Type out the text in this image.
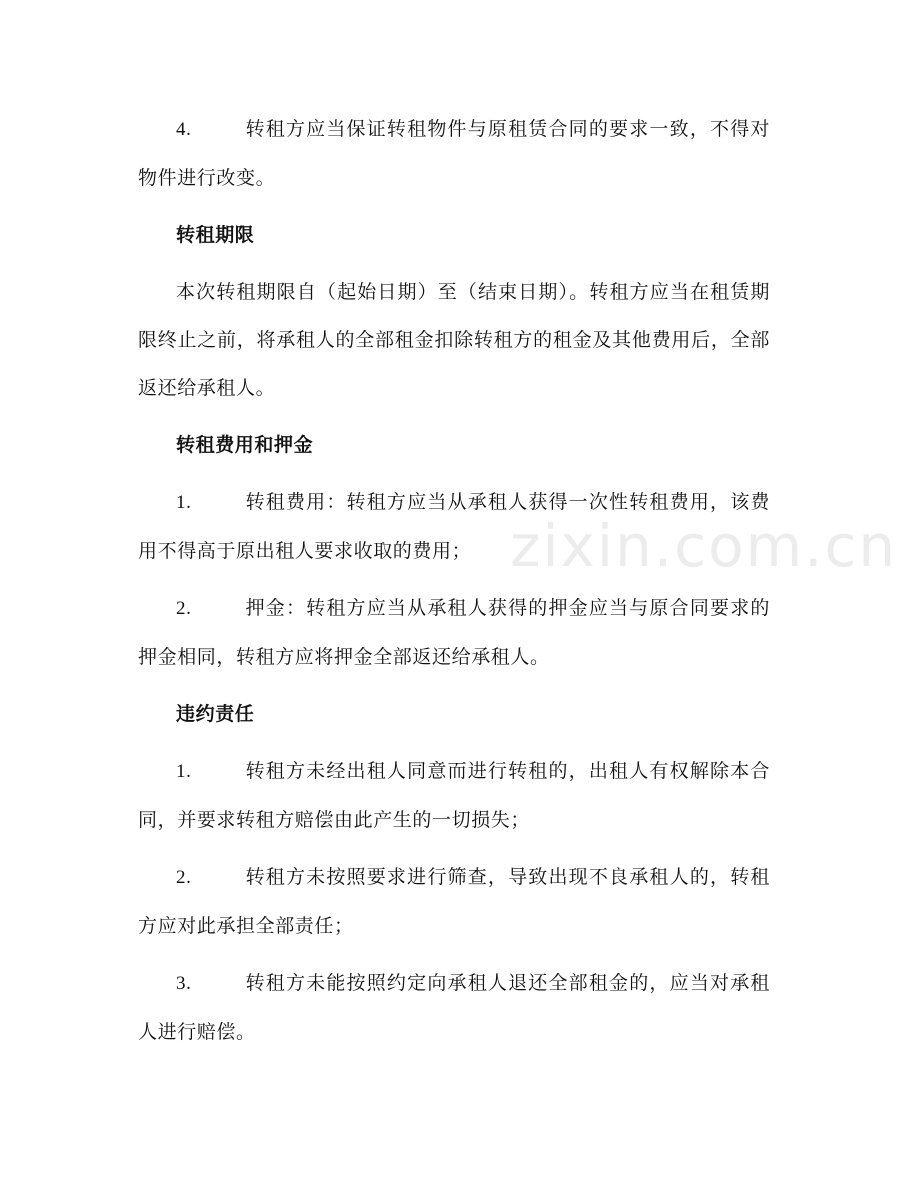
zixin.com.cn

4.	转租方应当保证转租物件与原租赁合同的要求一致，不得对物件进行改变。

转租期限

本次转租期限自（起始日期）至（结束日期）。转租方应当在租赁期限终止之前，将承租人的全部租金扣除转租方的租金及其他费用后，全部返还给承租人。

转租费用和押金

1.	转租费用：转租方应当从承租人获得一次性转租费用，该费用不得高于原出租人要求收取的费用；

2.	押金：转租方应当从承租人获得的押金应当与原合同要求的押金相同，转租方应将押金全部返还给承租人。

违约责任

1.	转租方未经出租人同意而进行转租的，出租人有权解除本合同，并要求转租方赔偿由此产生的一切损失；

2.	转租方未按照要求进行筛查，导致出现不良承租人的，转租方应对此承担全部责任；

3.	转租方未能按照约定向承租人退还全部租金的，应当对承租人进行赔偿。
